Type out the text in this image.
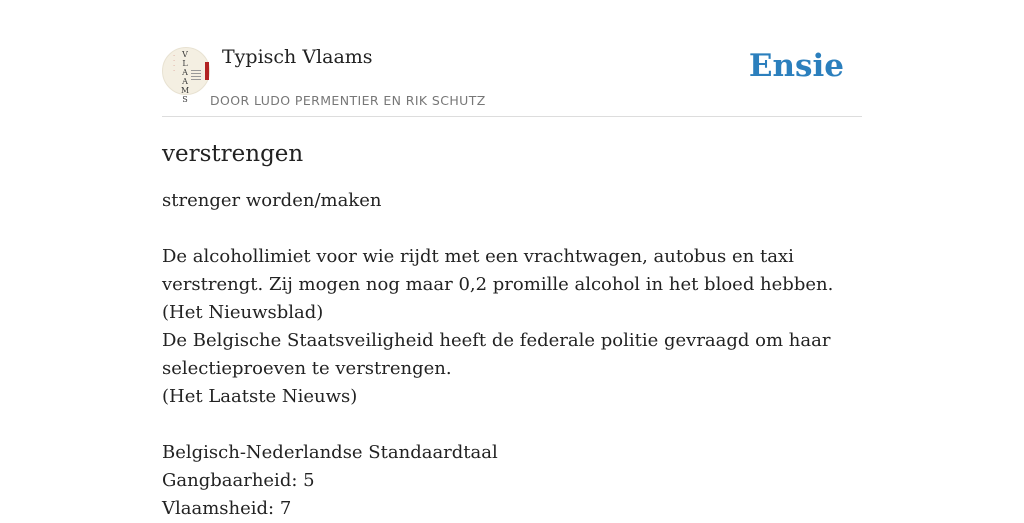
·
·
·
·
V
L
A
A
M
S
Typisch Vlaams
DOOR LUDO PERMENTIER EN RIK SCHUTZ
Ensie
verstrengen
strenger worden/maken
De alcohollimiet voor wie rijdt met een vrachtwagen, autobus en taxi verstrengt. Zij mogen nog maar 0,2 promille alcohol in het bloed hebben.
(Het Nieuwsblad)
De Belgische Staatsveiligheid heeft de federale politie gevraagd om haar selectieproeven te verstrengen.
(Het Laatste Nieuws)
Belgisch-Nederlandse Standaardtaal
Gangbaarheid: 5
Vlaamsheid: 7
